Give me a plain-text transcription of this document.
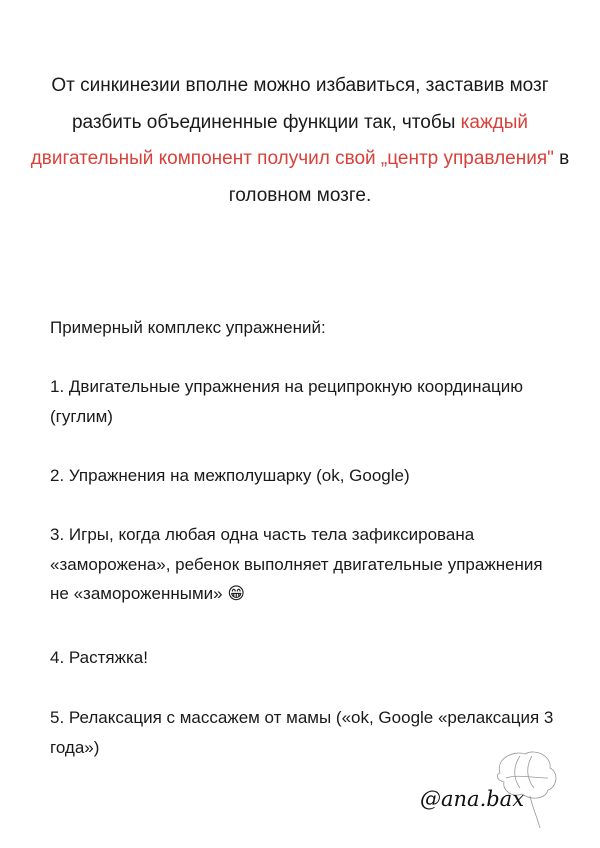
От синкинезии вполне можно избавиться, заставив мозг разбить объединенные функции так, чтобы каждый двигательный компонент получил свой „центр управления" в головном мозге.

Примерный комплекс упражнений:

1. Двигательные упражнения на реципрокную координацию (гуглим)

2. Упражнения на межполушарку (ok, Google)

3. Игры, когда любая одна часть тела зафиксирована «заморожена», ребенок выполняет двигательные упражнения не «замороженными» 😁

4. Растяжка!

5. Релаксация с массажем от мамы («ok, Google «релаксация 3 года»)

@ana.bax
